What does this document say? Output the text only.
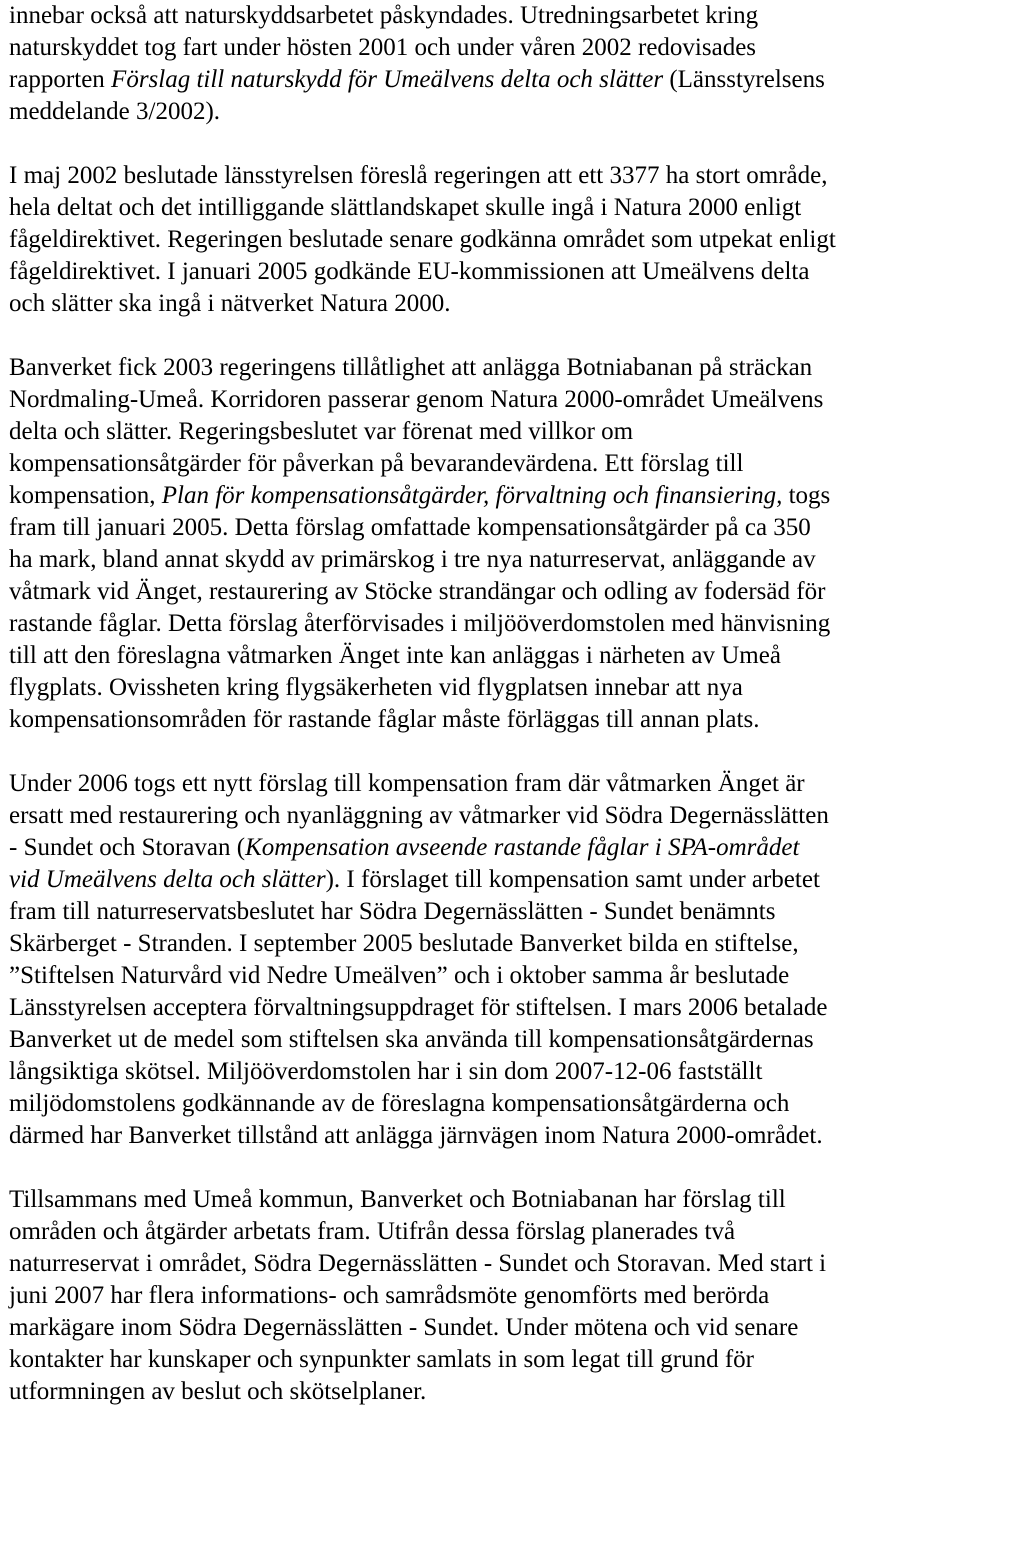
innebar också att naturskyddsarbetet påskyndades. Utredningsarbetet kring
naturskyddet tog fart under hösten 2001 och under våren 2002 redovisades
rapporten Förslag till naturskydd för Umeälvens delta och slätter (Länsstyrelsens
meddelande 3/2002).

I maj 2002 beslutade länsstyrelsen föreslå regeringen att ett 3377 ha stort område,
hela deltat och det intilliggande slättlandskapet skulle ingå i Natura 2000 enligt
fågeldirektivet. Regeringen beslutade senare godkänna området som utpekat enligt
fågeldirektivet. I januari 2005 godkände EU-kommissionen att Umeälvens delta
och slätter ska ingå i nätverket Natura 2000.

Banverket fick 2003 regeringens tillåtlighet att anlägga Botniabanan på sträckan
Nordmaling-Umeå. Korridoren passerar genom Natura 2000-området Umeälvens
delta och slätter. Regeringsbeslutet var förenat med villkor om
kompensationsåtgärder för påverkan på bevarandevärdena. Ett förslag till
kompensation, Plan för kompensationsåtgärder, förvaltning och finansiering, togs
fram till januari 2005. Detta förslag omfattade kompensationsåtgärder på ca 350
ha mark, bland annat skydd av primärskog i tre nya naturreservat, anläggande av
våtmark vid Änget, restaurering av Stöcke strandängar och odling av fodersäd för
rastande fåglar. Detta förslag återförvisades i miljööverdomstolen med hänvisning
till att den föreslagna våtmarken Änget inte kan anläggas i närheten av Umeå
flygplats. Ovissheten kring flygsäkerheten vid flygplatsen innebar att nya
kompensationsområden för rastande fåglar måste förläggas till annan plats.

Under 2006 togs ett nytt förslag till kompensation fram där våtmarken Änget är
ersatt med restaurering och nyanläggning av våtmarker vid Södra Degernässlätten
- Sundet och Storavan (Kompensation avseende rastande fåglar i SPA-området
vid Umeälvens delta och slätter). I förslaget till kompensation samt under arbetet
fram till naturreservatsbeslutet har Södra Degernässlätten - Sundet benämnts
Skärberget - Stranden. I september 2005 beslutade Banverket bilda en stiftelse,
”Stiftelsen Naturvård vid Nedre Umeälven” och i oktober samma år beslutade
Länsstyrelsen acceptera förvaltningsuppdraget för stiftelsen. I mars 2006 betalade
Banverket ut de medel som stiftelsen ska använda till kompensationsåtgärdernas
långsiktiga skötsel. Miljööverdomstolen har i sin dom 2007-12-06 fastställt
miljödomstolens godkännande av de föreslagna kompensationsåtgärderna och
därmed har Banverket tillstånd att anlägga järnvägen inom Natura 2000-området.

Tillsammans med Umeå kommun, Banverket och Botniabanan har förslag till
områden och åtgärder arbetats fram. Utifrån dessa förslag planerades två
naturreservat i området, Södra Degernässlätten - Sundet och Storavan. Med start i
juni 2007 har flera informations- och samrådsmöte genomförts med berörda
markägare inom Södra Degernässlätten - Sundet. Under mötena och vid senare
kontakter har kunskaper och synpunkter samlats in som legat till grund för
utformningen av beslut och skötselplaner.
